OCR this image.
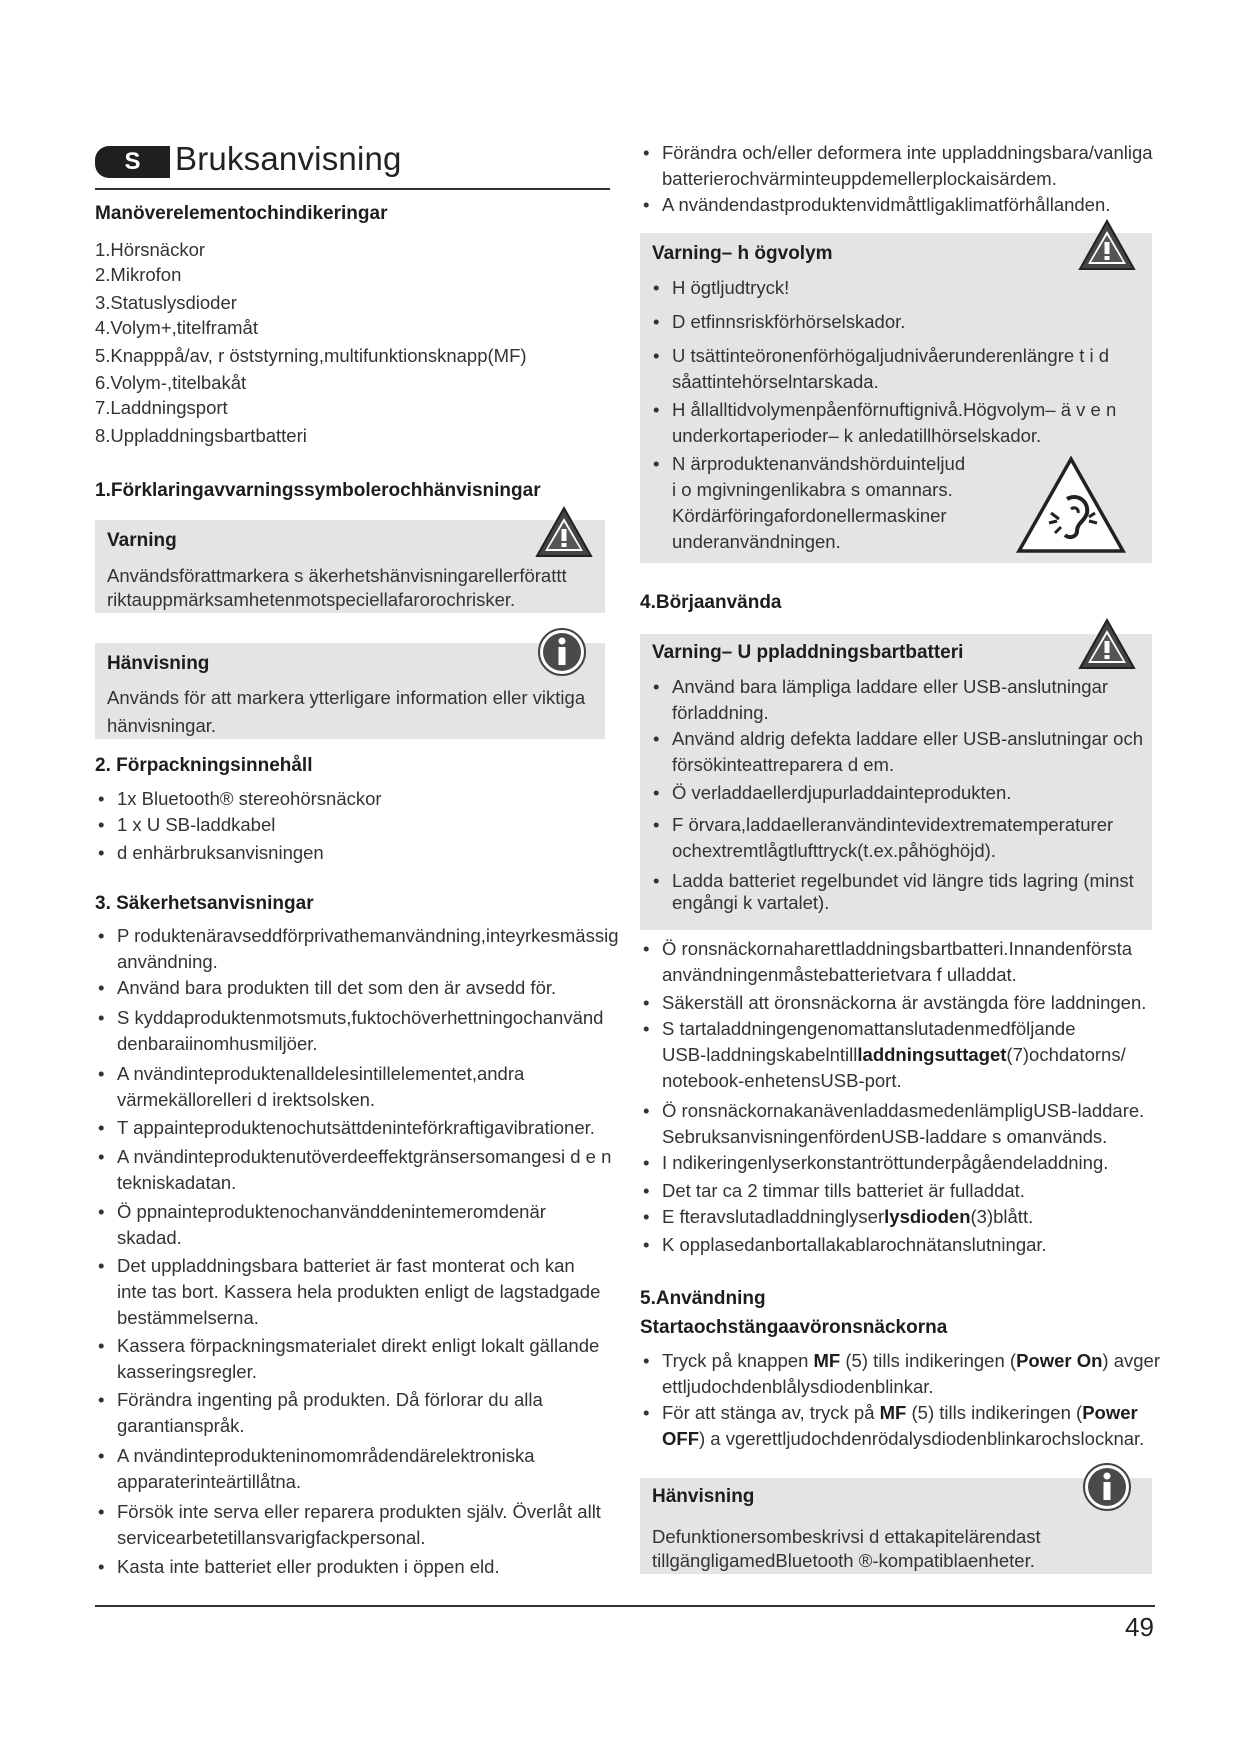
S	Bruksanvisning
Manöverelementochindikeringar
1.Hörsnäckor
2.Mikrofon
3.Statuslysdioder
4.Volym+,titelframåt
5.Knapppå/av, r öststyrning,multifunktionsknapp(MF)
6.Volym-,titelbakåt
7.Laddningsport
8.Uppladdningsbartbatteri
1.Förklaringavvarningssymbolerochhänvisningar
Varning
Användsförattmarkera s äkerhetshänvisningarellerförattt
riktauppmärksamhetenmotspeciellafarorochrisker.
Hänvisning
Används för att markera ytterligare information eller viktiga
hänvisningar.
2. Förpackningsinnehåll
• 1x Bluetooth® stereohörsnäckor
• 1 x U SB-laddkabel
• d enhärbruksanvisningen
3. Säkerhetsanvisningar
• P roduktenäravseddförprivathemanvändning,inteyrkesmässig
användning.
• Använd bara produkten till det som den är avsedd för.
• S kyddaproduktenmotsmuts,fuktochöverhettningochanvänd
denbaraiinomhusmiljöer.
• A nvändinteproduktenalldelesintillelementet,andra
värmekällorelleri d irektsolsken.
• T appainteproduktenochutsättdeninteförkraftigavibrationer.
• A nvändinteproduktenutöverdeeffektgränsersomangesi d e n
tekniskadatan.
• Ö ppnainteproduktenochanvänddenintemeromdenär
skadad.
• Det uppladdningsbara batteriet är fast monterat och kan
inte tas bort. Kassera hela produkten enligt de lagstadgade
bestämmelserna.
• Kassera förpackningsmaterialet direkt enligt lokalt gällande
kasseringsregler.
• Förändra ingenting på produkten. Då förlorar du alla
garantianspråk.
• A nvändinteprodukteninomområdendärelektroniska
apparaterinteärtillåtna.
• Försök inte serva eller reparera produkten själv. Överlåt allt
servicearbetetillansvarigfackpersonal.
• Kasta inte batteriet eller produkten i öppen eld.
• Förändra och/eller deformera inte uppladdningsbara/vanliga
batterierochvärminteuppdemellerplockaisärdem.
• A nvändendastproduktenvidmåttligaklimatförhållanden.
Varning– h ögvolym
• H ögtljudtryck!
• D etfinnsriskförhörselskador.
• U tsättinteöronenförhögaljudnivåerunderenlängre t i d
såattintehörselntarskada.
• H ållalltidvolymenpåenförnuftignivå.Högvolym– ä v e n
underkortaperioder– k anledatillhörselskador.
• N ärproduktenanvändshörduinteljud
i o mgivningenlikabra s omannars.
Kördärföringafordonellermaskiner
underanvändningen.
4.Börjaanvända
Varning– U ppladdningsbartbatteri
• Använd bara lämpliga laddare eller USB-anslutningar
förladdning.
• Använd aldrig defekta laddare eller USB-anslutningar och
försökinteattreparera d em.
• Ö verladdaellerdjupurladdainteprodukten.
• F örvara,laddaelleranvändintevidextrematemperaturer
ochextremtlågtlufttryck(t.ex.påhöghöjd).
• Ladda batteriet regelbundet vid längre tids lagring (minst
engångi k vartalet).
• Ö ronsnäckornaharettladdningsbartbatteri.Innandenförsta
användningenmåstebatterietvara f ulladdat.
• Säkerställ att öronsnäckorna är avstängda före laddningen.
• S tartaladdningengenomattanslutadenmedföljande
USB-laddningskabelntillladdningsuttaget(7)ochdatorns/
notebook-enhetensUSB-port.
• Ö ronsnäckornakanävenladdasmedenlämpligUSB-laddare.
SebruksanvisningenfördenUSB-laddare s omanvänds.
• I ndikeringenlyserkonstantröttunderpågåendeladdning.
• Det tar ca 2 timmar tills batteriet är fulladdat.
• E fteravslutadladdninglyserlysdioden(3)blått.
• K opplasedanbortallakablarochnätanslutningar.
5.Användning
Startaochstängaavöronsnäckorna
• Tryck på knappen MF (5) tills indikeringen (Power On) avger
ettljudochdenblålysdiodenblinkar.
• För att stänga av, tryck på MF (5) tills indikeringen (Power
OFF) a vgerettljudochdenrödalysdiodenblinkarochslocknar.
Hänvisning
Defunktionersombeskrivsi d ettakapitelärendast
tillgängligamedBluetooth ®-kompatiblaenheter.
49
